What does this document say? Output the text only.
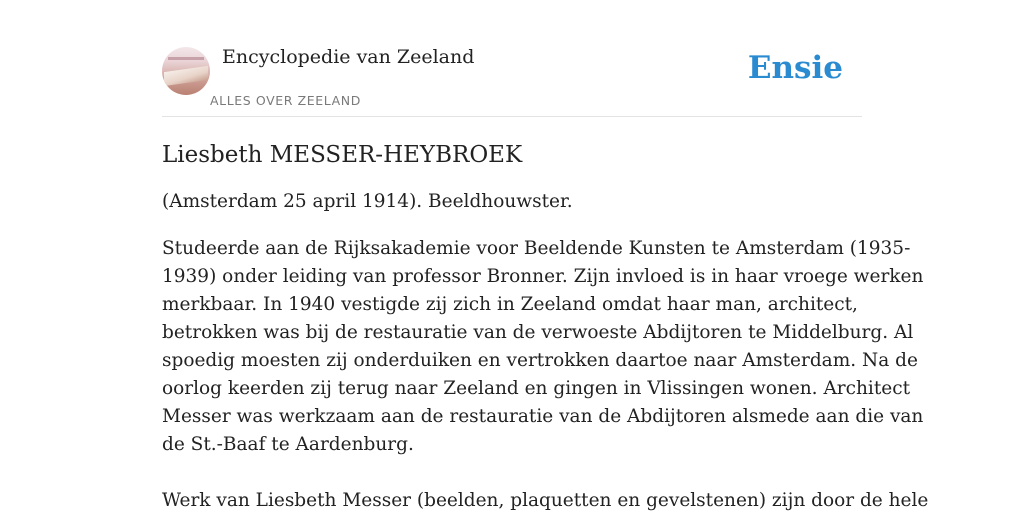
Encyclopedie van Zeeland
ALLES OVER ZEELAND
Ensie
Liesbeth MESSER-HEYBROEK

(Amsterdam 25 april 1914). Beeldhouwster.

Studeerde aan de Rijksakademie voor Beeldende Kunsten te Amsterdam (1935-
1939) onder leiding van professor Bronner. Zijn invloed is in haar vroege werken
merkbaar. In 1940 vestigde zij zich in Zeeland omdat haar man, architect,
betrokken was bij de restauratie van de verwoeste Abdijtoren te Middelburg. Al
spoedig moesten zij onderduiken en vertrokken daartoe naar Amsterdam. Na de
oorlog keerden zij terug naar Zeeland en gingen in Vlissingen wonen. Architect
Messer was werkzaam aan de restauratie van de Abdijtoren alsmede aan die van
de St.-Baaf te Aardenburg.

Werk van Liesbeth Messer (beelden, plaquetten en gevelstenen) zijn door de hele
